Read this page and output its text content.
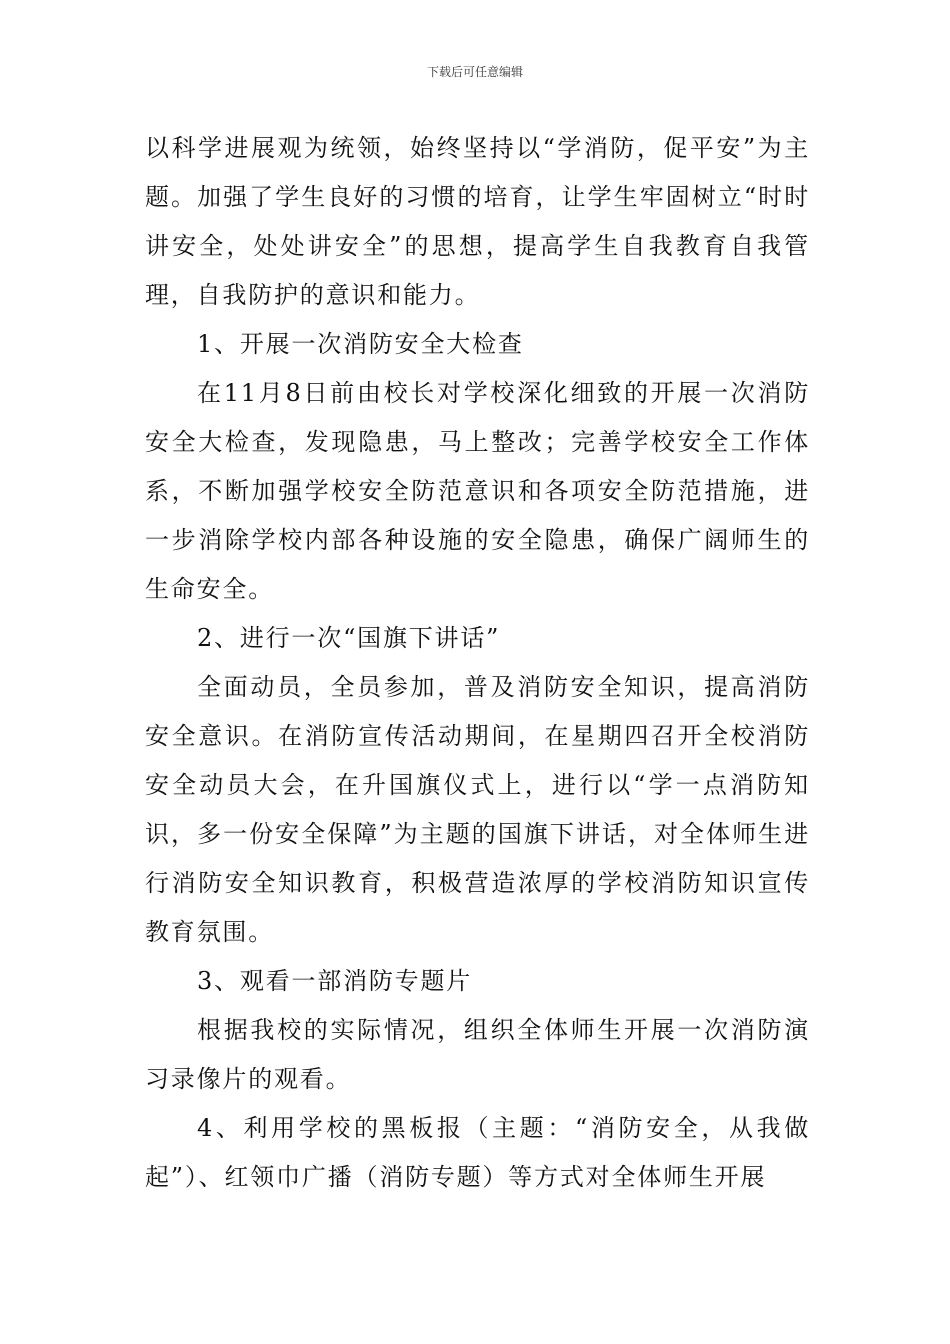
下载后可任意编辑

以科学进展观为统领，始终坚持以“学消防，促平安”为主题。加强了学生良好的习惯的培育，让学生牢固树立“时时讲安全，处处讲安全”的思想，提高学生自我教育自我管理，自我防护的意识和能力。

1、开展一次消防安全大检查

在11月8日前由校长对学校深化细致的开展一次消防安全大检查，发现隐患，马上整改；完善学校安全工作体系，不断加强学校安全防范意识和各项安全防范措施，进一步消除学校内部各种设施的安全隐患，确保广阔师生的生命安全。

2、进行一次“国旗下讲话”

全面动员，全员参加，普及消防安全知识，提高消防安全意识。在消防宣传活动期间，在星期四召开全校消防安全动员大会，在升国旗仪式上，进行以“学一点消防知识，多一份安全保障”为主题的国旗下讲话，对全体师生进行消防安全知识教育，积极营造浓厚的学校消防知识宣传教育氛围。

3、观看一部消防专题片

根据我校的实际情况，组织全体师生开展一次消防演习录像片的观看。

4、利用学校的黑板报（主题：“消防安全，从我做起”）、红领巾广播（消防专题）等方式对全体师生开展
